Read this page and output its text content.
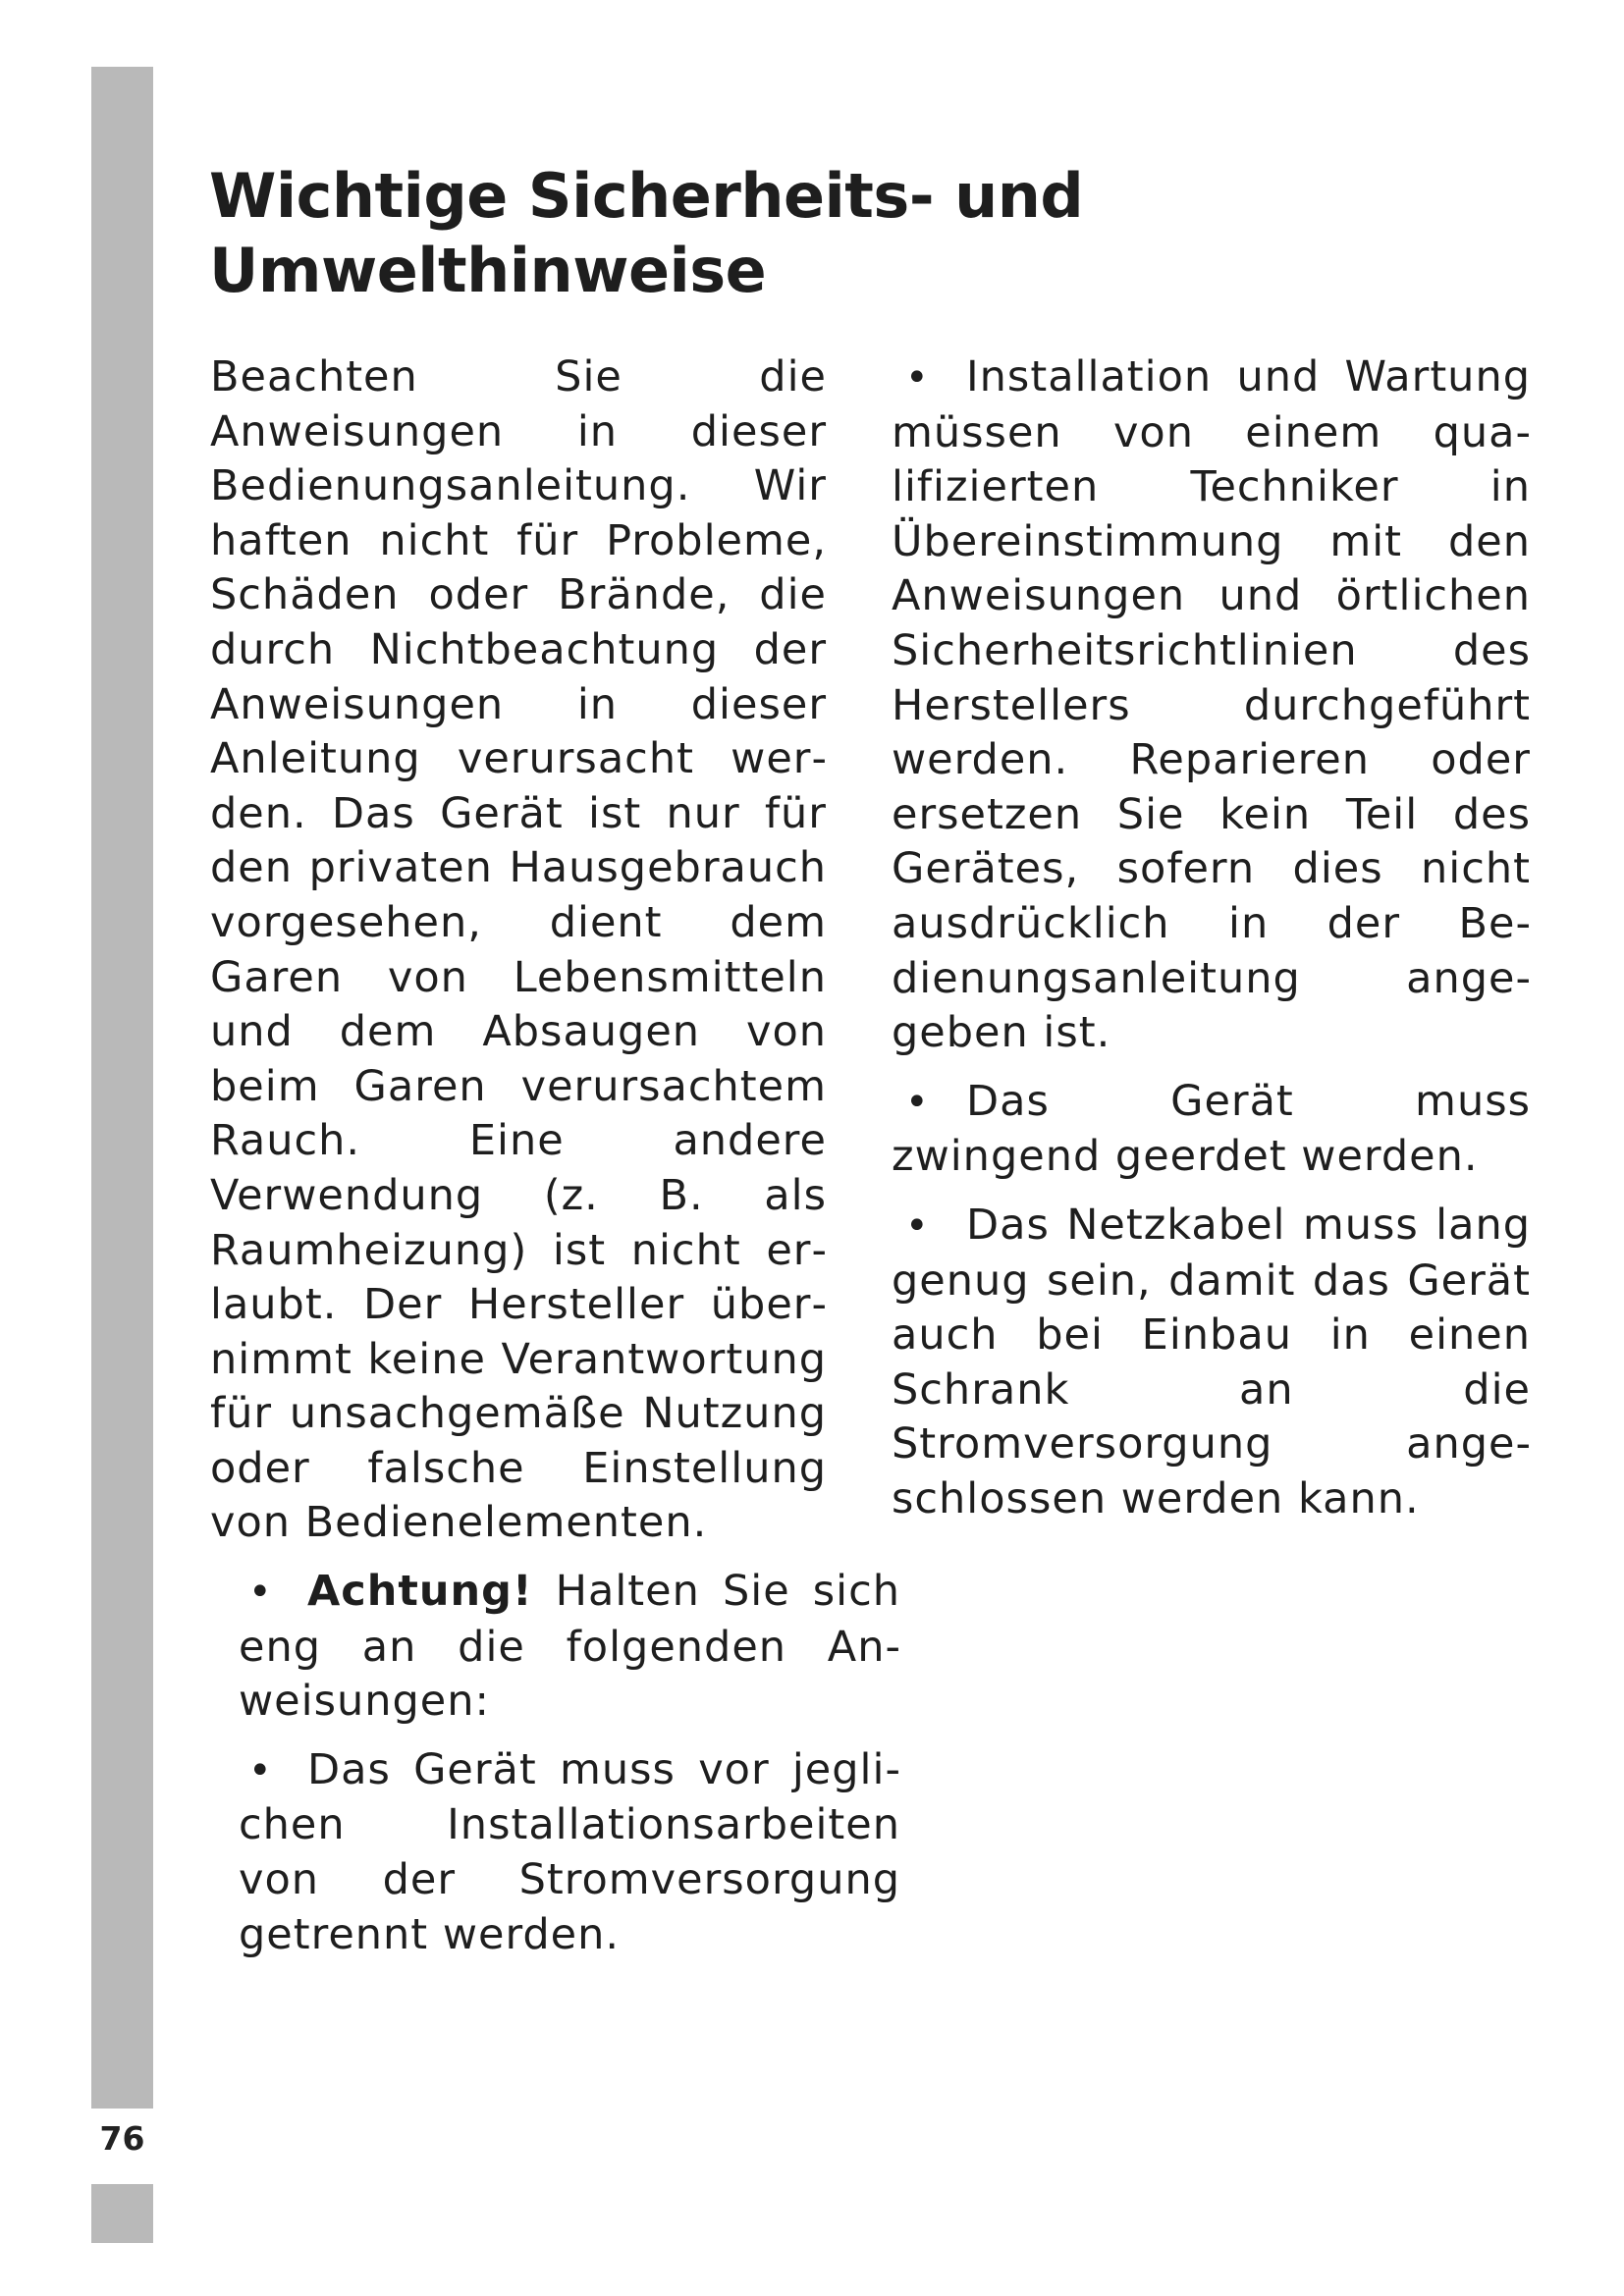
76
Wichtige Sicherheits- und
Umwelthinweise

Beachten Sie die Anweisungen in dieser Bedienungsanleitung. Wir haften nicht für Probleme, Schäden oder Brände, die durch Nichtbeachtung der Anweisungen in dieser Anleitung verursacht werden. Das Gerät ist nur für den privaten Hausgebrauch vorgesehen, dient dem Garen von Lebensmitteln und dem Absaugen von beim Garen verursachtem Rauch. Eine andere Verwendung (z. B. als Raumheizung) ist nicht erlaubt. Der Hersteller übernimmt keine Verantwortung für unsachgemäße Nutzung oder falsche Einstellung von Bedienelementen.

• Achtung! Halten Sie sich eng an die folgenden Anweisungen:
• Das Gerät muss vor jeglichen Installationsarbeiten von der Stromversorgung getrennt werden.
• Installation und Wartung müssen von einem qualifizierten Techniker in Übereinstimmung mit den Anweisungen und örtlichen Sicherheitsrichtlinien des Herstellers durchgeführt werden. Reparieren oder ersetzen Sie kein Teil des Gerätes, sofern dies nicht ausdrücklich in der Bedienungsanleitung angegeben ist.
• Das Gerät muss zwingend geerdet werden.
• Das Netzkabel muss lang genug sein, damit das Gerät auch bei Einbau in einen Schrank an die Stromversorgung angeschlossen werden kann.
